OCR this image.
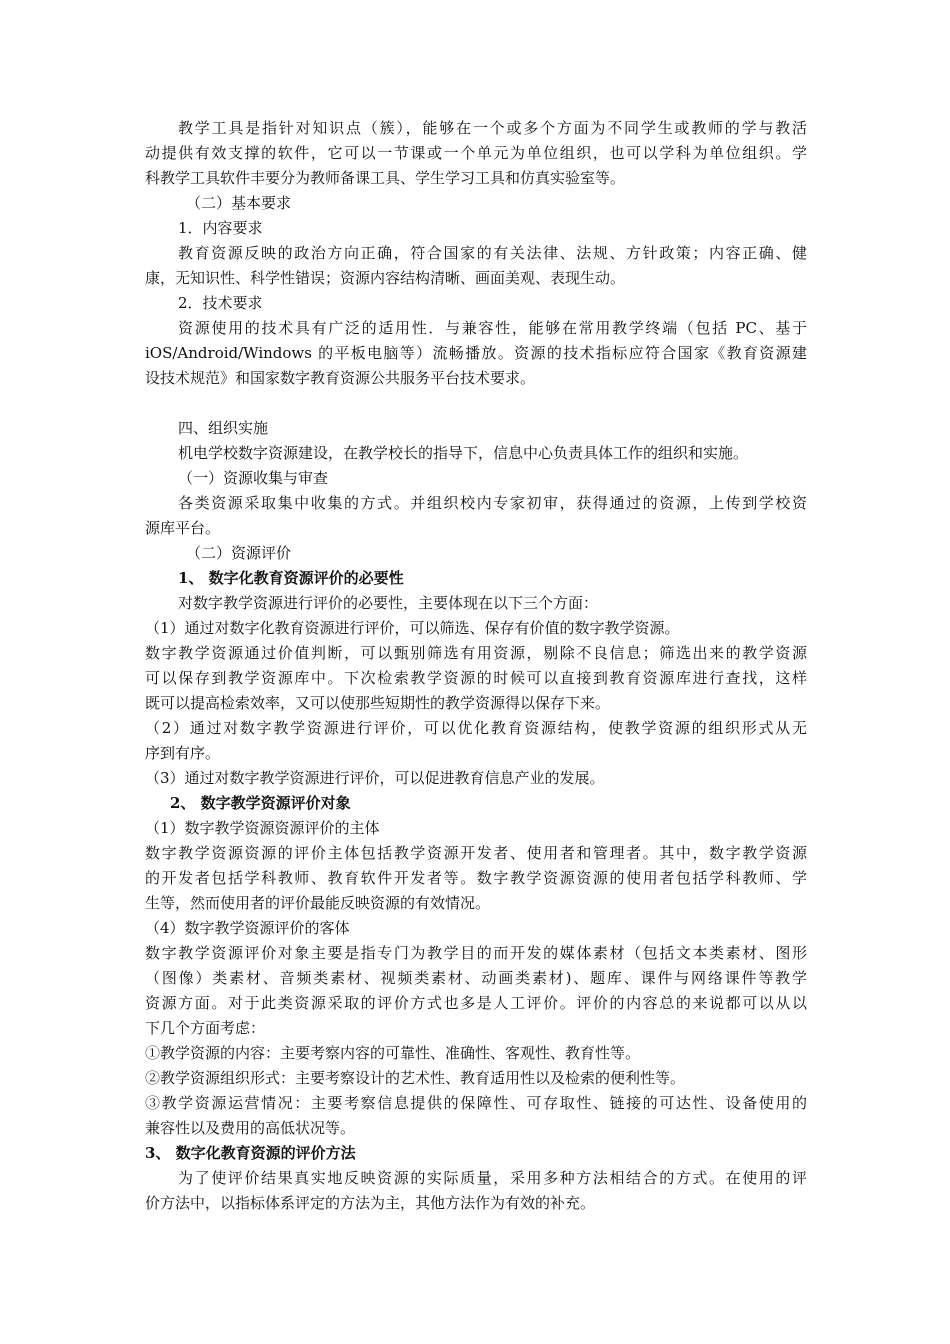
教学工具是指针对知识点（簇），能够在一个或多个方面为不同学生或教师的学与教活
动提供有效支撑的软件，它可以一节课或一个单元为单位组织，也可以学科为单位组织。学
科教学工具软件丰要分为教师备课工具、学生学习工具和仿真实验室等。
（二）基本要求
1．内容要求
教育资源反映的政治方向正确，符合国家的有关法律、法规、方针政策；内容正确、健
康，无知识性、科学性错误；资源内容结构清晰、画面美观、表现生动。
2．技术要求
资源使用的技术具有广泛的适用性．与兼容性，能够在常用教学终端（包括 PC、基于
iOS/Android/Windows 的平板电脑等）流畅播放。资源的技术指标应符合国家《教育资源建
设技术规范》和国家数字教育资源公共服务平台技术要求。
四、组织实施
机电学校数字资源建设，在教学校长的指导下，信息中心负责具体工作的组织和实施。
（一）资源收集与审查
各类资源采取集中收集的方式。并组织校内专家初审，获得通过的资源，上传到学校资
源库平台。
（二）资源评价
1、 数字化教育资源评价的必要性
对数字教学资源进行评价的必要性，主要体现在以下三个方面：
（1）通过对数字化教育资源进行评价，可以筛选、保存有价值的数字教学资源。
数字教学资源通过价值判断，可以甄别筛选有用资源，剔除不良信息；筛选出来的教学资源
可以保存到教学资源库中。下次检索教学资源的时候可以直接到教育资源库进行查找，这样
既可以提高检索效率，又可以使那些短期性的教学资源得以保存下来。
（2）通过对数字教学资源进行评价，可以优化教育资源结构，使教学资源的组织形式从无
序到有序。
（3）通过对数字教学资源进行评价，可以促进教育信息产业的发展。
2、 数字教学资源评价对象
（1）数字教学资源资源评价的主体
数字教学资源资源的评价主体包括教学资源开发者、使用者和管理者。其中，数字教学资源
的开发者包括学科教师、教育软件开发者等。数字教学资源资源的使用者包括学科教师、学
生等，然而使用者的评价最能反映资源的有效情况。
（4）数字教学资源评价的客体
数字教学资源评价对象主要是指专门为教学目的而开发的媒体素材（包括文本类素材、图形
（图像）类素材、音频类素材、视频类素材、动画类素材)、题库、课件与网络课件等教学
资源方面。对于此类资源采取的评价方式也多是人工评价。评价的内容总的来说都可以从以
下几个方面考虑：
①教学资源的内容：主要考察内容的可靠性、准确性、客观性、教育性等。
②教学资源组织形式：主要考察设计的艺术性、教育适用性以及检索的便利性等。
③教学资源运营情况：主要考察信息提供的保障性、可存取性、链接的可达性、设备使用的
兼容性以及费用的高低状况等。
3、 数字化教育资源的评价方法
为了使评价结果真实地反映资源的实际质量，采用多种方法相结合的方式。在使用的评
价方法中，以指标体系评定的方法为主，其他方法作为有效的补充。
